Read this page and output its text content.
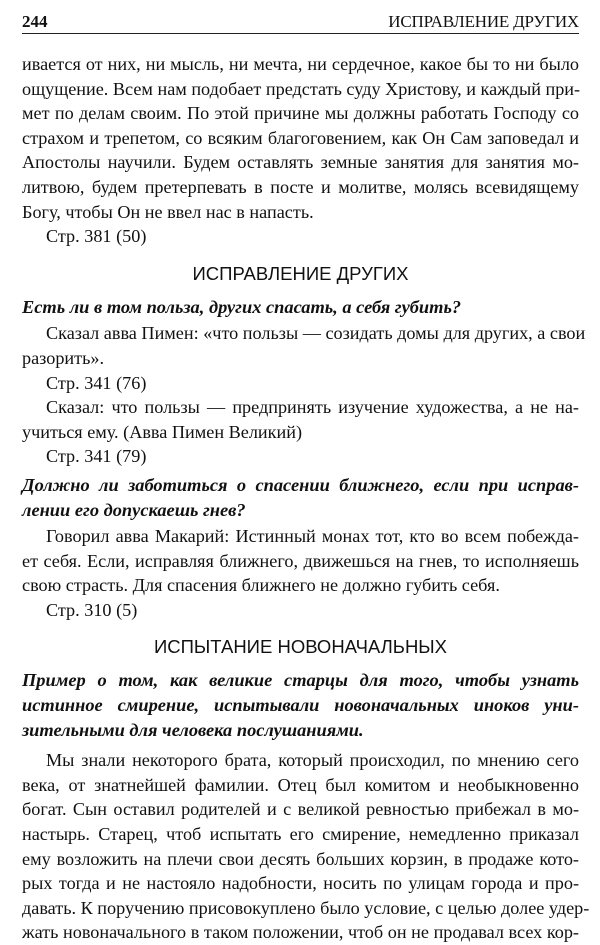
244	ИСПРАВЛЕНИЕ ДРУГИХ
ивается от них, ни мысль, ни мечта, ни сердечное, какое бы то ни было
ощущение. Всем нам подобает предстать суду Христову, и каждый при-
мет по делам своим. По этой причине мы должны работать Господу со
страхом и трепетом, со всяким благоговением, как Он Сам заповедал и
Апостолы научили. Будем оставлять земные занятия для занятия мо-
литвою, будем претерпевать в посте и молитве, молясь всевидящему
Богу, чтобы Он не ввел нас в напасть.
Стр. 381 (50)
ИСПРАВЛЕНИЕ ДРУГИХ
Есть ли в том польза, других спасать, а себя губить?
Сказал авва Пимен: «что пользы — созидать домы для других, а свои
разорить».
Стр. 341 (76)
Сказал: что пользы — предпринять изучение художества, а не на-
учиться ему. (Авва Пимен Великий)
Стр. 341 (79)
Должно ли заботиться о спасении ближнего, если при исправ-
лении его допускаешь гнев?
Говорил авва Макарий: Истинный монах тот, кто во всем побежда-
ет себя. Если, исправляя ближнего, движешься на гнев, то исполняешь
свою страсть. Для спасения ближнего не должно губить себя.
Стр. 310 (5)
ИСПЫТАНИЕ НОВОНАЧАЛЬНЫХ
Пример о том, как великие старцы для того, чтобы узнать
истинное смирение, испытывали новоначальных иноков уни-
зительными для человека послушаниями.
Мы знали некоторого брата, который происходил, по мнению сего
века, от знатнейшей фамилии. Отец был комитом и необыкновенно
богат. Сын оставил родителей и с великой ревностью прибежал в мо-
настырь. Старец, чтоб испытать его смирение, немедленно приказал
ему возложить на плечи свои десять больших корзин, в продаже кото-
рых тогда и не настояло надобности, носить по улицам города и про-
давать. К поручению присовокуплено было условие, с целью долее удер-
жать новоначального в таком положении, чтоб он не продавал всех кор-
